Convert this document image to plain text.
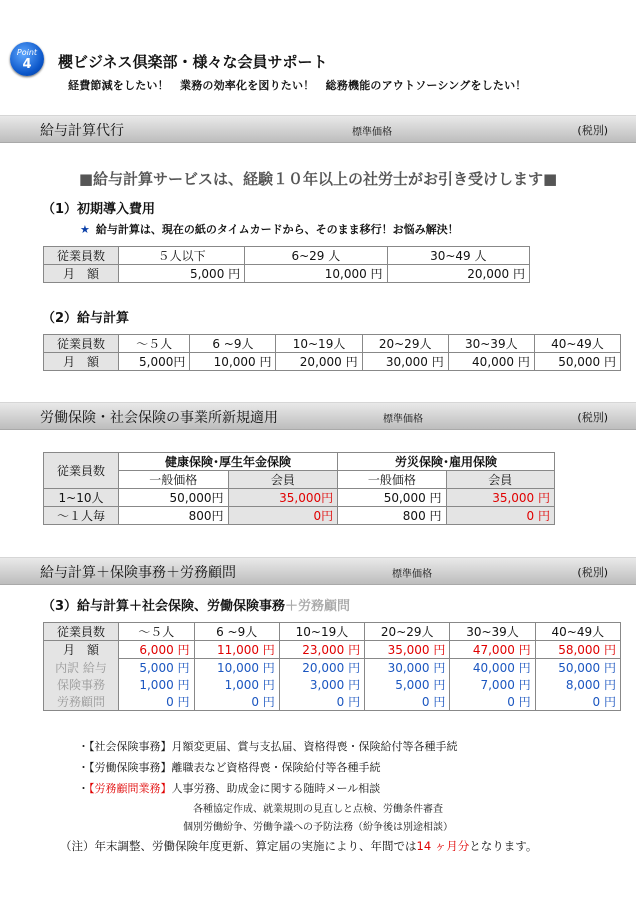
Point
4	櫻ビジネス倶楽部・様々な会員サポート
経費節減をしたい！　業務の効率化を図りたい！　総務機能のアウトソーシングをしたい！
給与計算代行	標準価格	(税別)
■給与計算サービスは、経験１０年以上の社労士がお引き受けします■
（1）初期導入費用
★ 給与計算は、現在の紙のタイムカードから、そのまま移行！お悩み解決！
従業員数	５人以下	6~29 人	30~49 人
月　額	5,000 円	10,000 円	20,000 円
（2）給与計算
従業員数	～５人	6 ~9人	10~19人	20~29人	30~39人	40~49人
月　額	5,000円	10,000 円	20,000 円	30,000 円	40,000 円	50,000 円
労働保険・社会保険の事業所新規適用	標準価格	(税別)
従業員数	健康保険･厚生年金保険		労災保険･雇用保険	
	一般価格	会員	一般価格	会員
1~10人	50,000円	35,000円	50,000 円	35,000 円
～１人毎	800円	0円	800 円	0 円
給与計算＋保険事務＋労務顧問	標準価格	(税別)
（3）給与計算＋社会保険、労働保険事務＋労務顧問
従業員数	～５人	6 ~9人	10~19人	20~29人	30~39人	40~49人
月　額	6,000 円	11,000 円	23,000 円	35,000 円	47,000 円	58,000 円
内訳 給与	5,000 円	10,000 円	20,000 円	30,000 円	40,000 円	50,000 円
保険事務	1,000 円	1,000 円	3,000 円	5,000 円	7,000 円	8,000 円
労務顧問	0 円	0 円	0 円	0 円	0 円	0 円
・【社会保険事務】月額変更届、賞与支払届、資格得喪・保険給付等各種手続
・【労働保険事務】離職表など資格得喪・保険給付等各種手続
・【労務顧問業務】人事労務、助成金に関する随時メール相談
各種協定作成、就業規則の見直しと点検、労働条件審査
個別労働紛争、労働争議への予防法務（紛争後は別途相談）
（注）年末調整、労働保険年度更新、算定届の実施により、年間では14 ヶ月分となります。
